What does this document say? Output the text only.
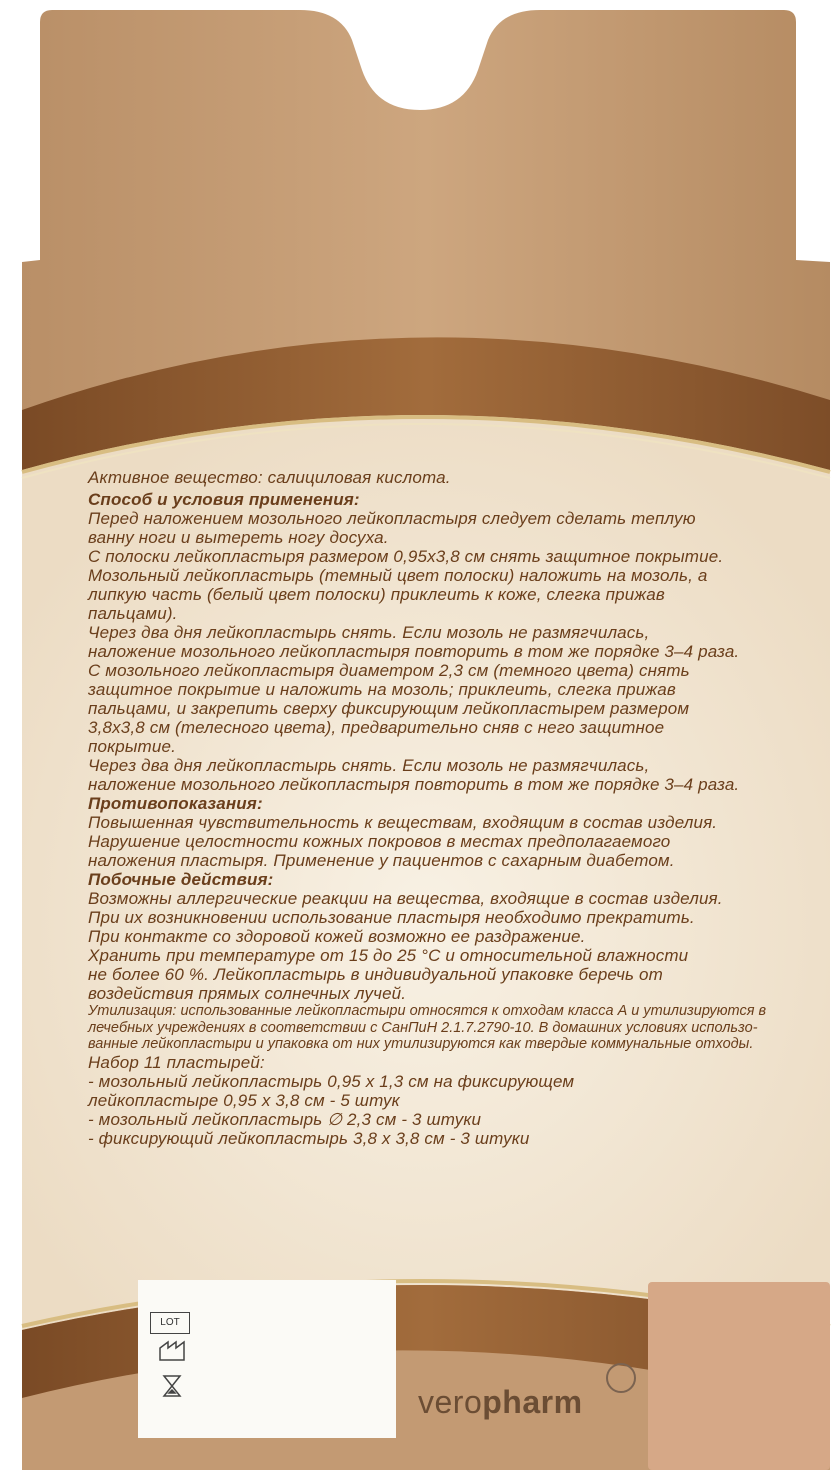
Активное вещество: салициловая кислота.
Способ и условия применения:
Перед наложением мозольного лейкопластыря следует сделать теплую
ванну ноги и вытереть ногу досуха.
С полоски лейкопластыря размером 0,95х3,8 см снять защитное покрытие.
Мозольный лейкопластырь (темный цвет полоски) наложить на мозоль, а
липкую часть (белый цвет полоски) приклеить к коже, слегка прижав
пальцами).
Через два дня лейкопластырь снять. Если мозоль не размягчилась,
наложение мозольного лейкопластыря повторить в том же порядке 3–4 раза.
С мозольного лейкопластыря диаметром 2,3 см (темного цвета) снять
защитное покрытие и наложить на мозоль; приклеить, слегка прижав
пальцами, и закрепить сверху фиксирующим лейкопластырем размером
3,8х3,8 см (телесного цвета), предварительно сняв с него защитное
покрытие.
Через два дня лейкопластырь снять. Если мозоль не размягчилась,
наложение мозольного лейкопластыря повторить в том же порядке 3–4 раза.
Противопоказания:
Повышенная чувствительность к веществам, входящим в состав изделия.
Нарушение целостности кожных покровов в местах предполагаемого
наложения пластыря. Применение у пациентов с сахарным диабетом.
Побочные действия:
Возможны аллергические реакции на вещества, входящие в состав изделия.
При их возникновении использование пластыря необходимо прекратить.
При контакте со здоровой кожей возможно ее раздражение.
Хранить при температуре от 15 до 25 °С и относительной влажности
не более 60 %. Лейкопластырь в индивидуальной упаковке беречь от
воздействия прямых солнечных лучей.
Утилизация: использованные лейкопластыри относятся к отходам класса А и утилизируются в
лечебных учреждениях в соответствии с СанПиН 2.1.7.2790-10. В домашних условиях использо-
ванные лейкопластыри и упаковка от них утилизируются как твердые коммунальные отходы.
Набор 11 пластырей:
- мозольный лейкопластырь 0,95 х 1,3 см на фиксирующем
лейкопластыре 0,95 х 3,8 см - 5 штук
- мозольный лейкопластырь ∅ 2,3 см - 3 штуки
- фиксирующий лейкопластырь 3,8 х 3,8 см - 3 штуки
LOT
veropharm
